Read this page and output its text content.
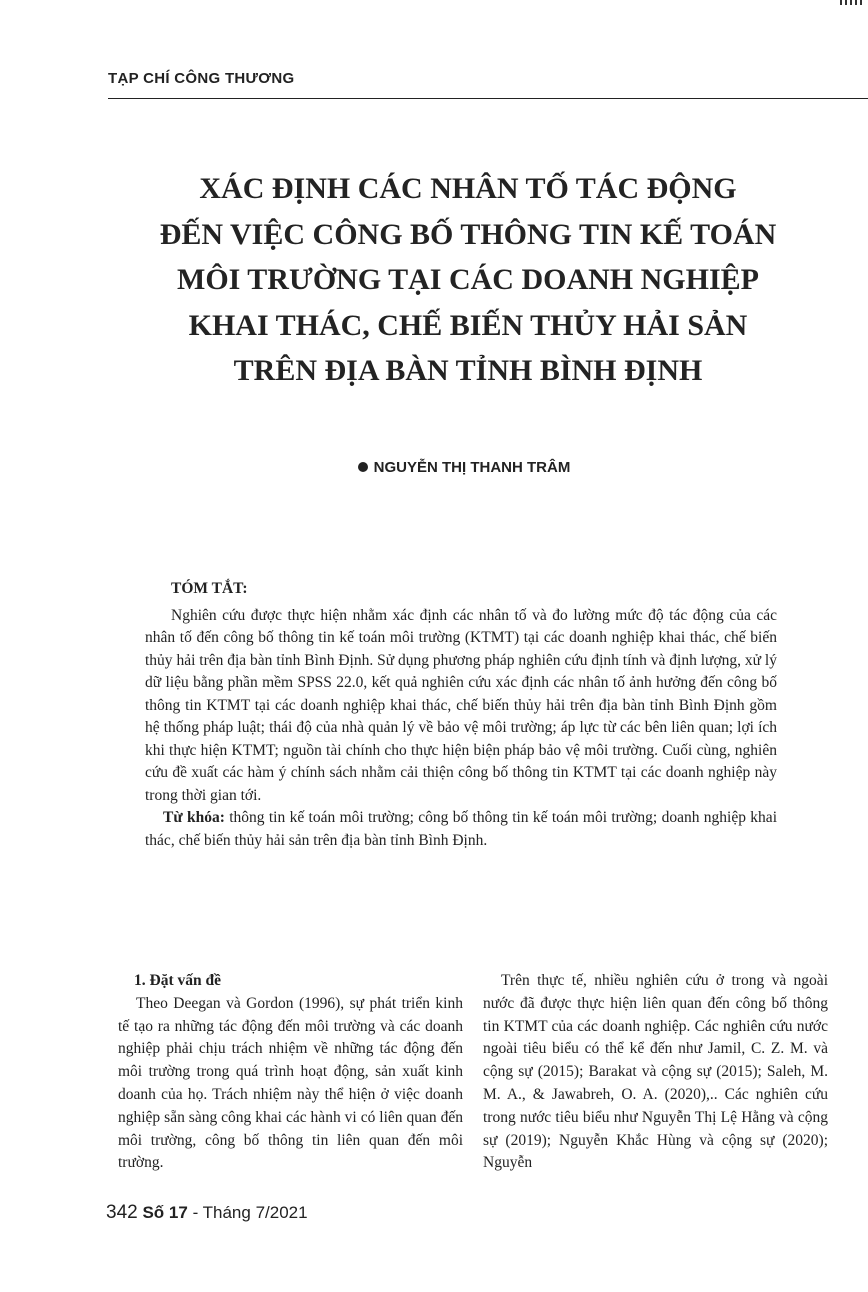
TẠP CHÍ CÔNG THƯƠNG
XÁC ĐỊNH CÁC NHÂN TỐ TÁC ĐỘNG
ĐẾN VIỆC CÔNG BỐ THÔNG TIN KẾ TOÁN
MÔI TRƯỜNG TẠI CÁC DOANH NGHIỆP
KHAI THÁC, CHẾ BIẾN THỦY HẢI SẢN
TRÊN ĐỊA BÀN TỈNH BÌNH ĐỊNH
NGUYỄN THỊ THANH TRÂM
TÓM TẮT:

Nghiên cứu được thực hiện nhằm xác định các nhân tố và đo lường mức độ tác động của các nhân tố đến công bố thông tin kế toán môi trường (KTMT) tại các doanh nghiệp khai thác, chế biến thủy hải trên địa bàn tỉnh Bình Định. Sử dụng phương pháp nghiên cứu định tính và định lượng, xử lý dữ liệu bằng phần mềm SPSS 22.0, kết quả nghiên cứu xác định các nhân tố ảnh hưởng đến công bố thông tin KTMT tại các doanh nghiệp khai thác, chế biến thủy hải trên địa bàn tỉnh Bình Định gồm hệ thống pháp luật; thái độ của nhà quản lý về bảo vệ môi trường; áp lực từ các bên liên quan; lợi ích khi thực hiện KTMT; nguồn tài chính cho thực hiện biện pháp bảo vệ môi trường. Cuối cùng, nghiên cứu đề xuất các hàm ý chính sách nhằm cải thiện công bố thông tin KTMT tại các doanh nghiệp này trong thời gian tới.

Từ khóa: thông tin kế toán môi trường; công bố thông tin kế toán môi trường; doanh nghiệp khai thác, chế biến thủy hải sản trên địa bàn tỉnh Bình Định.

1. Đặt vấn đề

Theo Deegan và Gordon (1996), sự phát triển kinh tế tạo ra những tác động đến môi trường và các doanh nghiệp phải chịu trách nhiệm về những tác động đến môi trường trong quá trình hoạt động, sản xuất kinh doanh của họ. Trách nhiệm này thể hiện ở việc doanh nghiệp sẵn sàng công khai các hành vi có liên quan đến môi trường, công bố thông tin liên quan đến môi trường.

Trên thực tế, nhiều nghiên cứu ở trong và ngoài nước đã được thực hiện liên quan đến công bố thông tin KTMT của các doanh nghiệp. Các nghiên cứu nước ngoài tiêu biểu có thể kể đến như Jamil, C. Z. M. và cộng sự (2015); Barakat và cộng sự (2015); Saleh, M. M. A., & Jawabreh, O. A. (2020),.. Các nghiên cứu trong nước tiêu biểu như Nguyễn Thị Lệ Hằng và cộng sự (2019); Nguyễn Khắc Hùng và cộng sự (2020); Nguyễn

342 Số 17 - Tháng 7/2021
